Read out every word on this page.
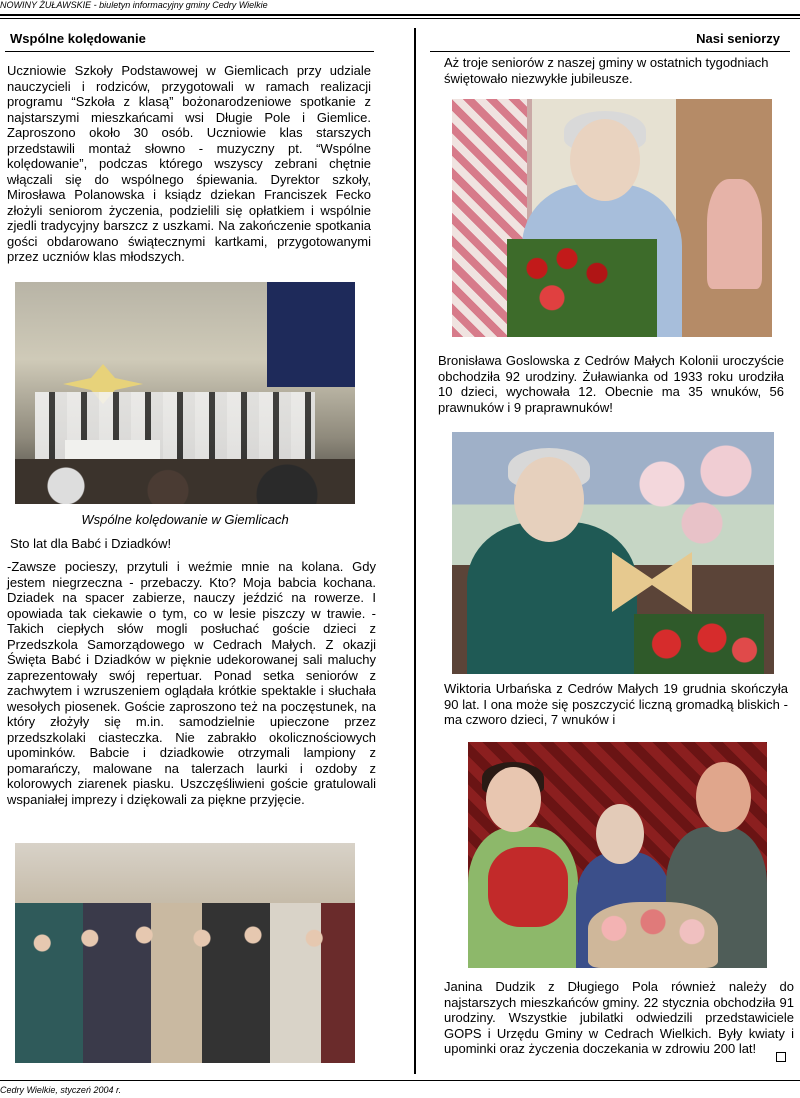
NOWINY ŻUŁAWSKIE - biuletyn informacyjny gminy Cedry Wielkie
Wspólne kolędowanie
Uczniowie Szkoły Podstawowej w Giemlicach przy udziale nauczycieli i rodziców, przygotowali w ramach realizacji programu “Szkoła z klasą” bożonarodzeniowe spotkanie z najstarszymi mieszkańcami wsi Długie Pole i Giemlice. Zaproszono około 30 osób. Uczniowie klas starszych przedstawili montaż słowno - muzyczny pt. “Wspólne kolędowanie”, podczas którego wszyscy zebrani chętnie włączali się do wspólnego śpiewania. Dyrektor szkoły, Mirosława Polanowska i ksiądz dziekan Franciszek Fecko złożyli seniorom życzenia, podzielili się opłatkiem i wspólnie zjedli tradycyjny barszcz z uszkami. Na zakończenie spotkania gości obdarowano świątecznymi kartkami, przygotowanymi przez uczniów klas młodszych.
Wspólne kolędowanie w Giemlicach
Sto lat dla Babć i Dziadków!
-Zawsze pocieszy, przytuli i weźmie mnie na kolana. Gdy jestem niegrzeczna - przebaczy. Kto? Moja babcia kochana. Dziadek na spacer zabierze, nauczy jeździć na rowerze. I opowiada tak ciekawie o tym, co w lesie piszczy w trawie. - Takich ciepłych słów mogli posłuchać goście dzieci z Przedszkola Samorządowego w Cedrach Małych. Z okazji Święta Babć i Dziadków w pięknie udekorowanej sali maluchy zaprezentowały swój repertuar. Ponad setka seniorów z zachwytem i wzruszeniem oglądała krótkie spektakle i słuchała wesołych piosenek. Goście zaproszono też na poczęstunek, na który złożyły się m.in. samodzielnie upieczone przez przedszkolaki ciasteczka. Nie zabrakło okolicznościowych upominków. Babcie i dziadkowie otrzymali lampiony z pomarańczy, malowane na talerzach laurki i ozdoby z kolorowych ziarenek piasku. Uszczęśliwieni goście gratulowali wspaniałej imprezy i dziękowali za piękne przyjęcie.
Nasi seniorzy
Aż troje seniorów z naszej gminy w ostatnich tygodniach świętowało niezwykłe jubileusze.
Bronisława Goslowska z Cedrów Małych Kolonii uroczyście obchodziła 92 urodziny. Żuławianka od 1933 roku urodziła 10 dzieci, wychowała 12. Obecnie ma 35 wnuków, 56 prawnuków i 9 praprawnuków!
Wiktoria Urbańska z Cedrów Małych 19 grudnia skończyła 90 lat. I ona może się poszczycić liczną gromadką bliskich - ma czworo dzieci, 7 wnuków i
Janina Dudzik z Długiego Pola również należy do najstarszych mieszkańców gminy. 22 stycznia obchodziła 91 urodziny. Wszystkie jubilatki odwiedzili przedstawiciele GOPS i Urzędu Gminy w Cedrach Wielkich. Były kwiaty i upominki oraz życzenia doczekania w zdrowiu 200 lat!
Cedry Wielkie, styczeń 2004 r.
